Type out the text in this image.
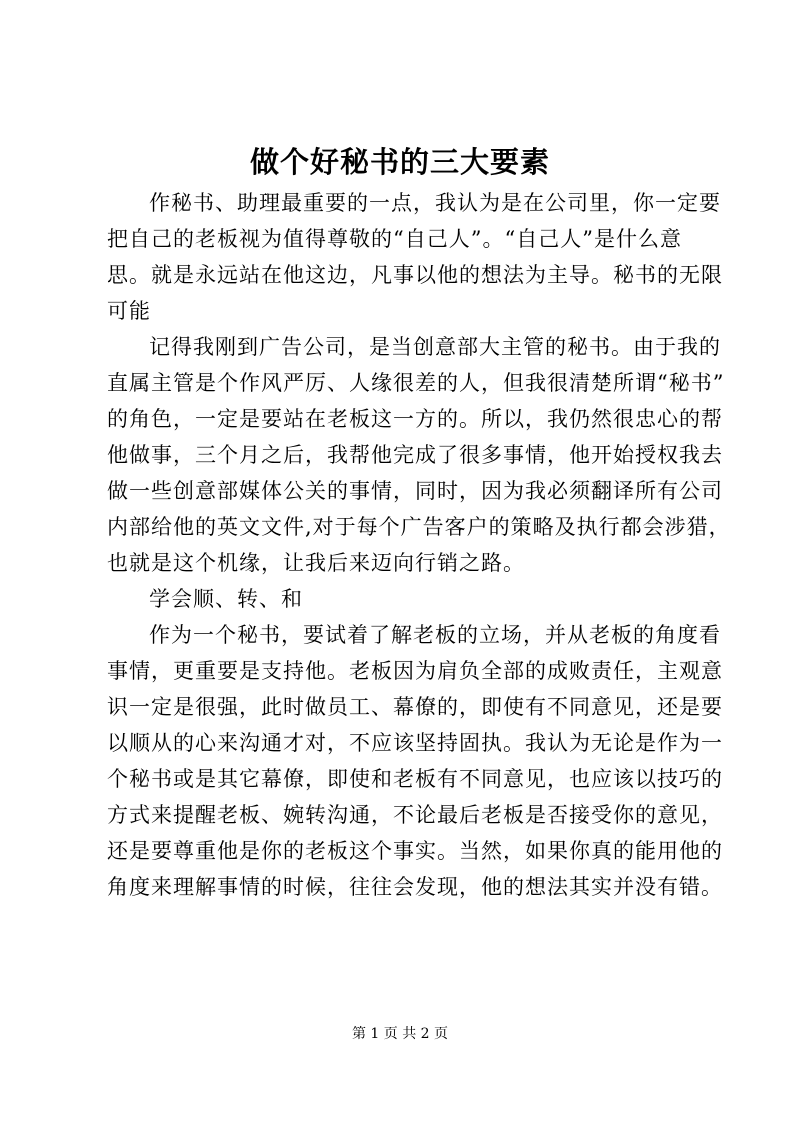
做个好秘书的三大要素

作秘书、助理最重要的一点，我认为是在公司里，你一定要
把自己的老板视为值得尊敬的“自己人”。“自己人”是什么意
思。就是永远站在他这边，凡事以他的想法为主导。秘书的无限
可能

记得我刚到广告公司，是当创意部大主管的秘书。由于我的
直属主管是个作风严厉、人缘很差的人，但我很清楚所谓“秘书”
的角色，一定是要站在老板这一方的。所以，我仍然很忠心的帮
他做事，三个月之后，我帮他完成了很多事情，他开始授权我去
做一些创意部媒体公关的事情，同时，因为我必须翻译所有公司
内部给他的英文文件,对于每个广告客户的策略及执行都会涉猎，
也就是这个机缘，让我后来迈向行销之路。

学会顺、转、和

作为一个秘书，要试着了解老板的立场，并从老板的角度看
事情，更重要是支持他。老板因为肩负全部的成败责任，主观意
识一定是很强，此时做员工、幕僚的，即使有不同意见，还是要
以顺从的心来沟通才对，不应该坚持固执。我认为无论是作为一
个秘书或是其它幕僚，即使和老板有不同意见，也应该以技巧的
方式来提醒老板、婉转沟通，不论最后老板是否接受你的意见，
还是要尊重他是你的老板这个事实。当然，如果你真的能用他的
角度来理解事情的时候，往往会发现，他的想法其实并没有错。

第 1 页 共 2 页
